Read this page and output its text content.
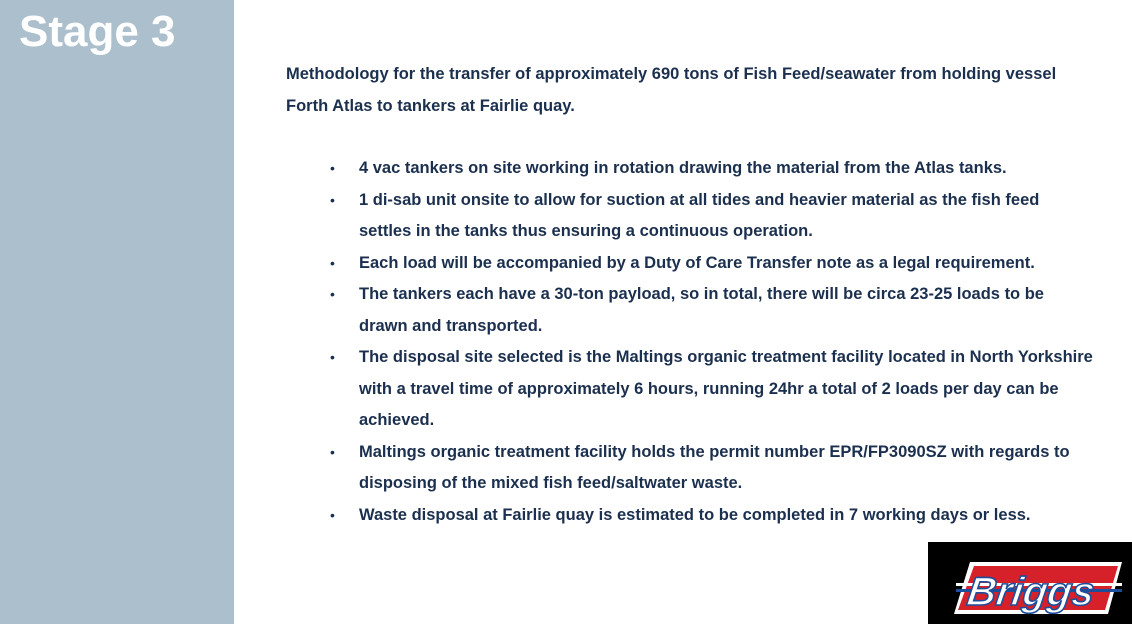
Stage 3

Methodology for the transfer of approximately 690 tons of Fish Feed/seawater from holding vessel Forth Atlas to tankers at Fairlie quay.

• 4 vac tankers on site working in rotation drawing the material from the Atlas tanks.
• 1 di-sab unit onsite to allow for suction at all tides and heavier material as the fish feed settles in the tanks thus ensuring a continuous operation.
• Each load will be accompanied by a Duty of Care Transfer note as a legal requirement.
• The tankers each have a 30-ton payload, so in total, there will be circa 23-25 loads to be drawn and transported.
• The disposal site selected is the Maltings organic treatment facility located in North Yorkshire with a travel time of approximately 6 hours, running 24hr a total of 2 loads per day can be achieved.
• Maltings organic treatment facility holds the permit number EPR/FP3090SZ with regards to disposing of the mixed fish feed/saltwater waste.
• Waste disposal at Fairlie quay is estimated to be completed in 7 working days or less.
Briggs
